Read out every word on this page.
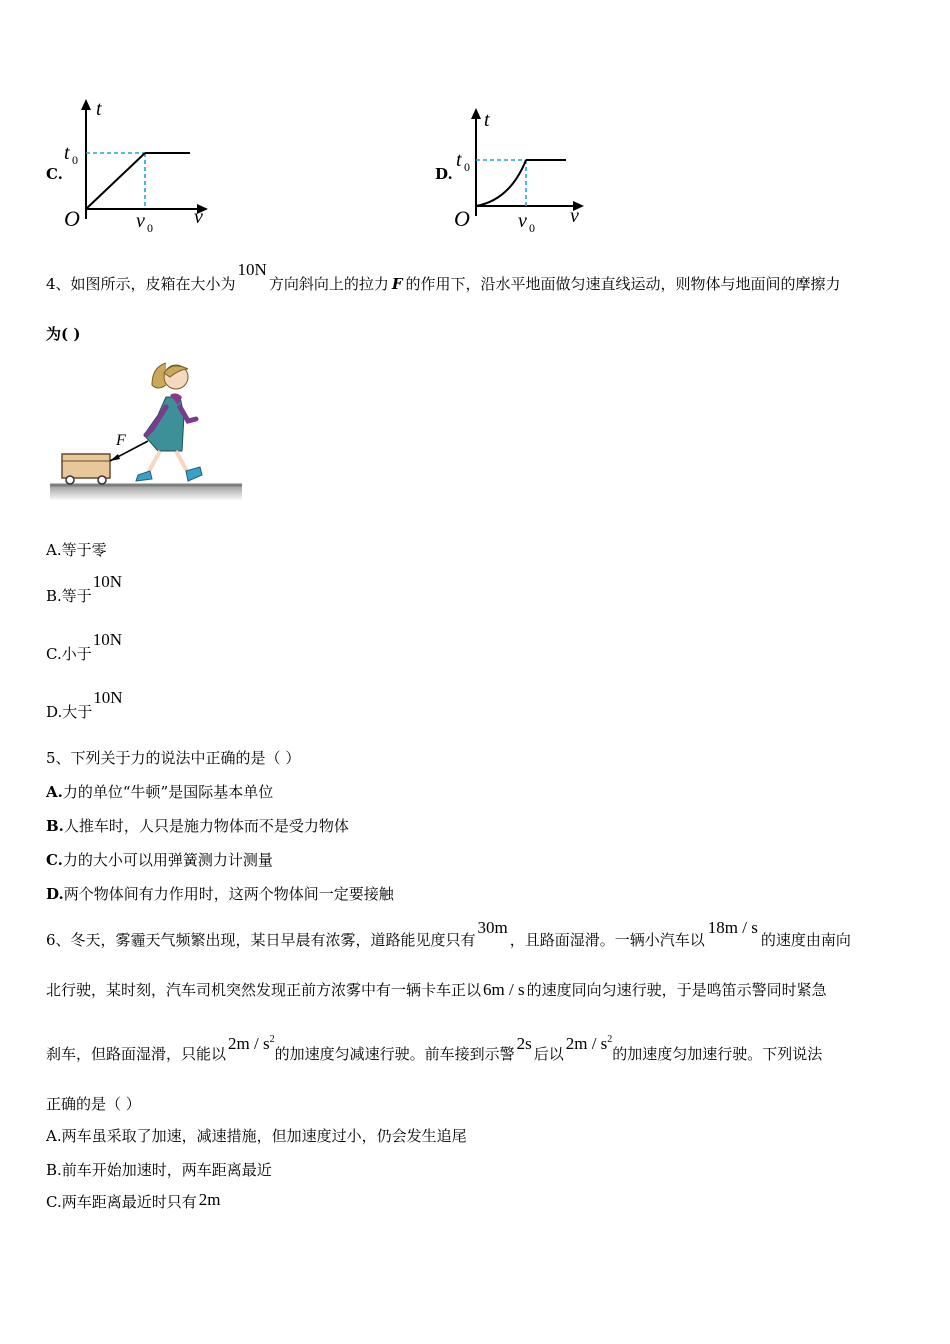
C.
t
v
O
t 0
v 0
D.
t
v
O
t 0
v 0
4、如图所示，皮箱在大小为10N方向斜向上的拉力 F 的作用下，沿水平地面做匀速直线运动，则物体与地面间的摩擦力
为( )
F
A.等于零
B.等于10N
C.小于10N
D.大于10N
5、下列关于力的说法中正确的是（ ）
A.力的单位“牛顿”是国际基本单位
B.人推车时，人只是施力物体而不是受力物体
C.力的大小可以用弹簧测力计测量
D.两个物体间有力作用时，这两个物体间一定要接触
6、冬天，雾霾天气频繁出现，某日早晨有浓雾，道路能见度只有30m，且路面湿滑。一辆小汽车以18m / s的速度由南向
北行驶，某时刻，汽车司机突然发现正前方浓雾中有一辆卡车正以 6m / s 的速度同向匀速行驶，于是鸣笛示警同时紧急
刹车，但路面湿滑，只能以$2m / s^2$的加速度匀减速行驶。前车接到示警2s后以$2m / s^2$的加速度匀加速行驶。下列说法
正确的是（ ）
A.两车虽采取了加速，减速措施，但加速度过小，仍会发生追尾
B.前车开始加速时，两车距离最近
C.两车距离最近时只有 2m
